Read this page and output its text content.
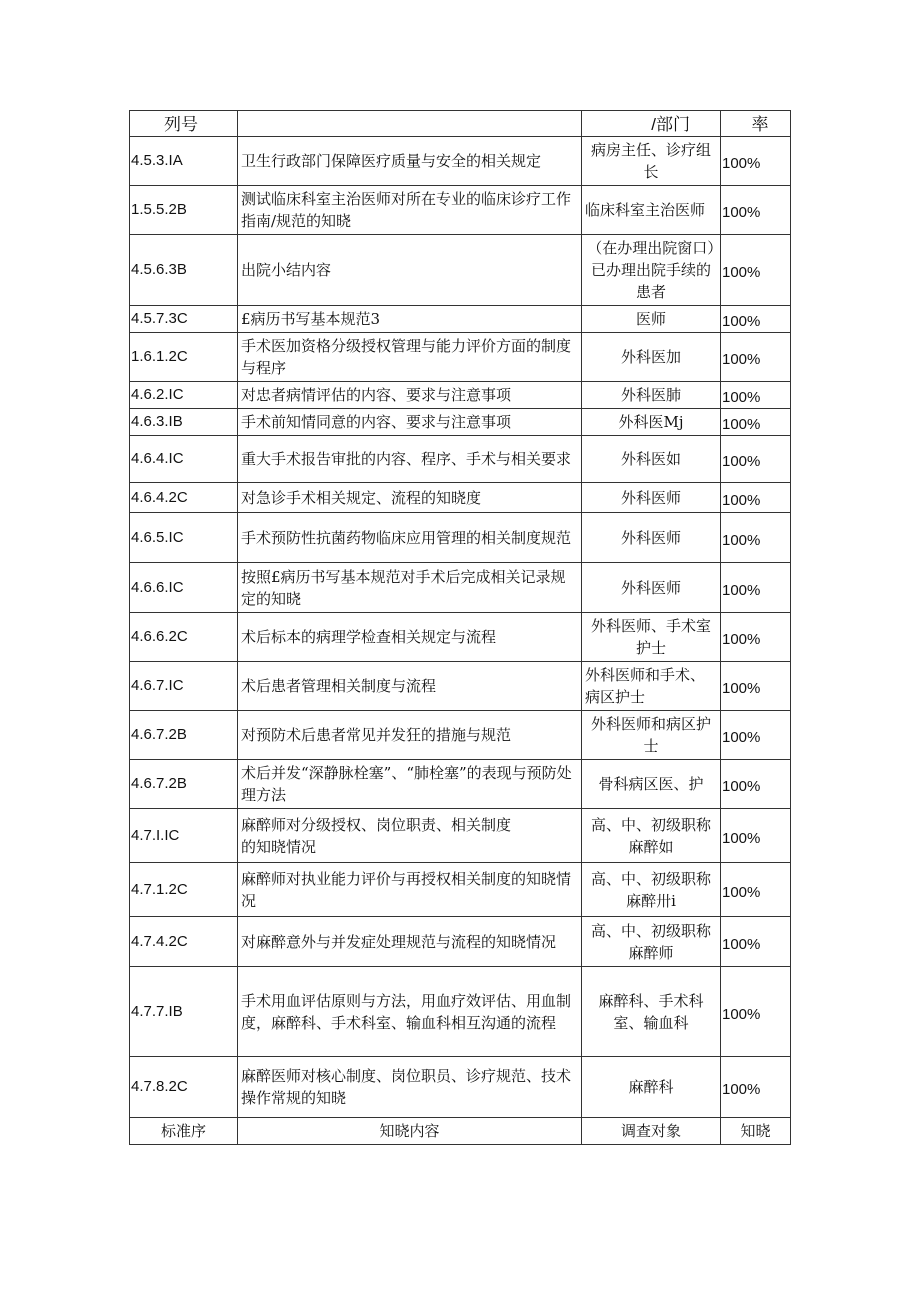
列号		/部门	率
4.5.3.IA	卫生行政部门保障医疗质量与安全的相关规定	病房主任、诊疗组长	100%
1.5.5.2B	测试临床科室主治医师对所在专业的临床诊疗工作指南/规范的知晓	临床科室主治医师	100%
4.5.6.3B	出院小结内容	（在办理出院窗口）已办理出院手续的患者	100%
4.5.7.3C	£病历书写基本规范3	医师	100%
1.6.1.2C	手术医加资格分级授权管理与能力评价方面的制度与程序	外科医加	100%
4.6.2.IC	对忠者病情评估的内容、要求与注意事项	外科医肺	100%
4.6.3.IB	手术前知情同意的内容、要求与注意事项	外科医Mj	100%
4.6.4.IC	重大手术报告审批的内容、程序、手术与相关要求	外科医如	100%
4.6.4.2C	对急诊手术相关规定、流程的知晓度	外科医师	100%
4.6.5.IC	手术预防性抗菌药物临床应用管理的相关制度规范	外科医师	100%
4.6.6.IC	按照£病历书写基本规范对手术后完成相关记录规定的知晓	外科医师	100%
4.6.6.2C	术后标本的病理学检查相关规定与流程	外科医师、手术室护士	100%
4.6.7.IC	术后患者管理相关制度与流程	外科医师和手术、病区护士	100%
4.6.7.2B	对预防术后患者常见并发狂的措施与规范	外科医师和病区护士	100%
4.6.7.2B	术后并发“深静脉栓塞”、“肺栓塞”的表现与预防处理方法	骨科病区医、护	100%
4.7.I.IC	麻醉师对分级授权、岗位职责、相关制度
的知晓情况	高、中、初级职称麻醉如	100%
4.7.1.2C	麻醉师对执业能力评价与再授权相关制度的知晓情况	高、中、初级职称麻醉卅i	100%
4.7.4.2C	对麻醉意外与并发症处理规范与流程的知晓情况	高、中、初级职称麻醉师	100%
4.7.7.IB	手术用血评估原则与方法，用血疗效评估、用血制度，麻醉科、手术科室、输血科相互沟通的流程	麻醉科、手术科室、输血科	100%
4.7.8.2C	麻醉医师对核心制度、岗位职员、诊疗规范、技术操作常规的知晓	麻醉科	100%
标准序	知晓内容	调查对象	知晓
